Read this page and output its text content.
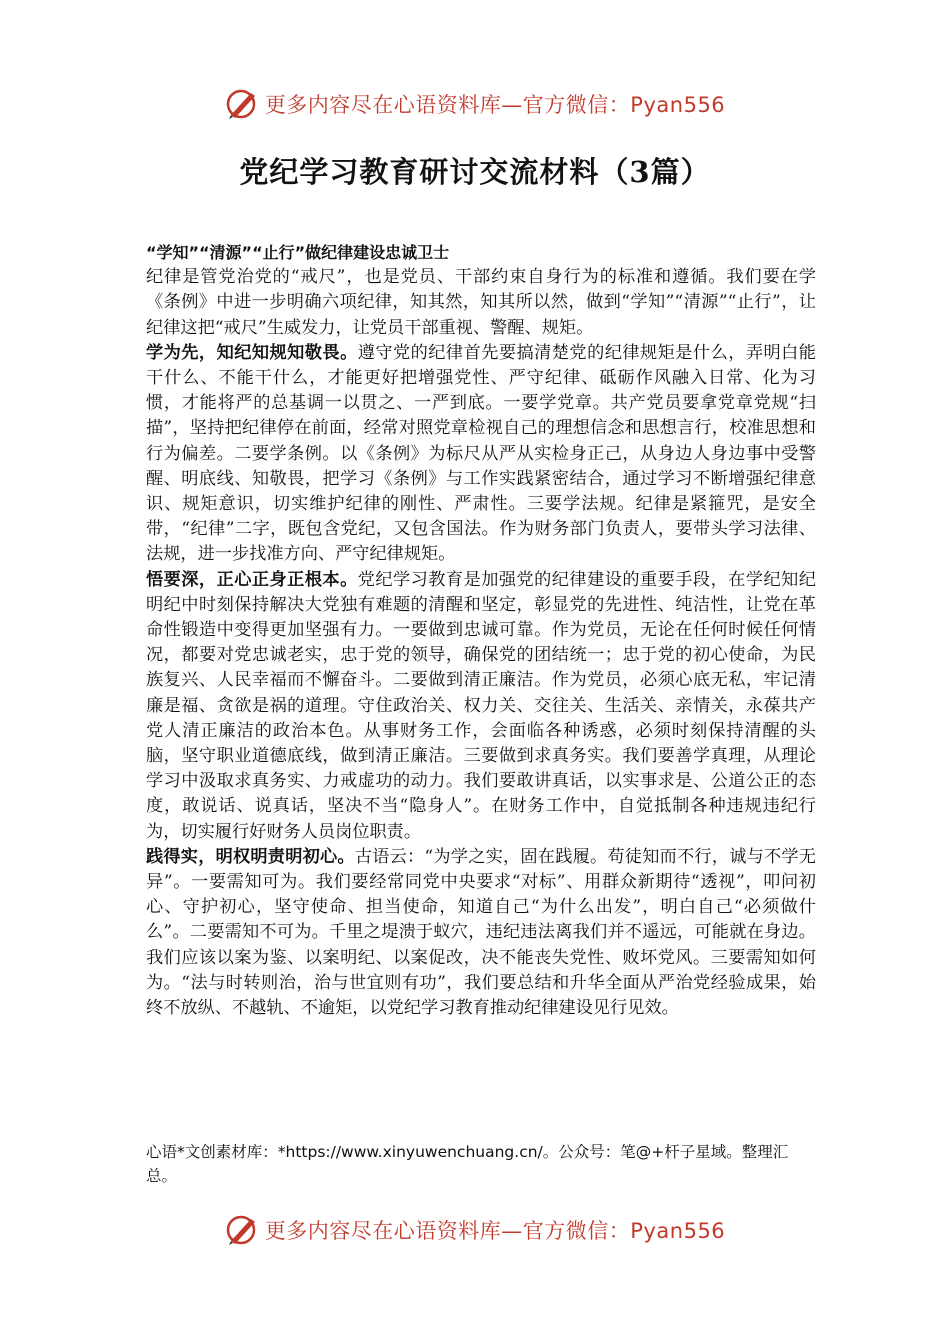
更多内容尽在心语资料库—官方微信：Pyan556
党纪学习教育研讨交流材料（3篇）

“学知”“清源”“止行”做纪律建设忠诚卫士

纪律是管党治党的“戒尺”，也是党员、干部约束自身行为的标准和遵循。我们要在学《条例》中进一步明确六项纪律，知其然，知其所以然，做到“学知”“清源”“止行”，让纪律这把“戒尺”生威发力，让党员干部重视、警醒、规矩。

学为先，知纪知规知敬畏。遵守党的纪律首先要搞清楚党的纪律规矩是什么，弄明白能干什么、不能干什么，才能更好把增强党性、严守纪律、砥砺作风融入日常、化为习惯，才能将严的总基调一以贯之、一严到底。一要学党章。共产党员要拿党章党规“扫描”，坚持把纪律停在前面，经常对照党章检视自己的理想信念和思想言行，校准思想和行为偏差。二要学条例。以《条例》为标尺从严从实检身正己，从身边人身边事中受警醒、明底线、知敬畏，把学习《条例》与工作实践紧密结合，通过学习不断增强纪律意识、规矩意识，切实维护纪律的刚性、严肃性。三要学法规。纪律是紧箍咒，是安全带，“纪律”二字，既包含党纪，又包含国法。作为财务部门负责人，要带头学习法律、法规，进一步找准方向、严守纪律规矩。

悟要深，正心正身正根本。党纪学习教育是加强党的纪律建设的重要手段，在学纪知纪明纪中时刻保持解决大党独有难题的清醒和坚定，彰显党的先进性、纯洁性，让党在革命性锻造中变得更加坚强有力。一要做到忠诚可靠。作为党员，无论在任何时候任何情况，都要对党忠诚老实，忠于党的领导，确保党的团结统一；忠于党的初心使命，为民族复兴、人民幸福而不懈奋斗。二要做到清正廉洁。作为党员，必须心底无私，牢记清廉是福、贪欲是祸的道理。守住政治关、权力关、交往关、生活关、亲情关，永葆共产党人清正廉洁的政治本色。从事财务工作，会面临各种诱惑，必须时刻保持清醒的头脑，坚守职业道德底线，做到清正廉洁。三要做到求真务实。我们要善学真理，从理论学习中汲取求真务实、力戒虚功的动力。我们要敢讲真话，以实事求是、公道公正的态度，敢说话、说真话，坚决不当“隐身人”。在财务工作中，自觉抵制各种违规违纪行为，切实履行好财务人员岗位职责。

践得实，明权明责明初心。古语云：“为学之实，固在践履。苟徒知而不行，诚与不学无异”。一要需知可为。我们要经常同党中央要求“对标”、用群众新期待“透视”，叩问初心、守护初心，坚守使命、担当使命，知道自己“为什么出发”，明白自己“必须做什么”。二要需知不可为。千里之堤溃于蚁穴，违纪违法离我们并不遥远，可能就在身边。我们应该以案为鉴、以案明纪、以案促改，决不能丧失党性、败坏党风。三要需知如何为。“法与时转则治，治与世宜则有功”，我们要总结和升华全面从严治党经验成果，始终不放纵、不越轨、不逾矩，以党纪学习教育推动纪律建设见行见效。

心语*文创素材库：*https://www.xinyuwenchuang.cn/。公众号：笔@+杆子星域。整理汇总。
更多内容尽在心语资料库—官方微信：Pyan556
